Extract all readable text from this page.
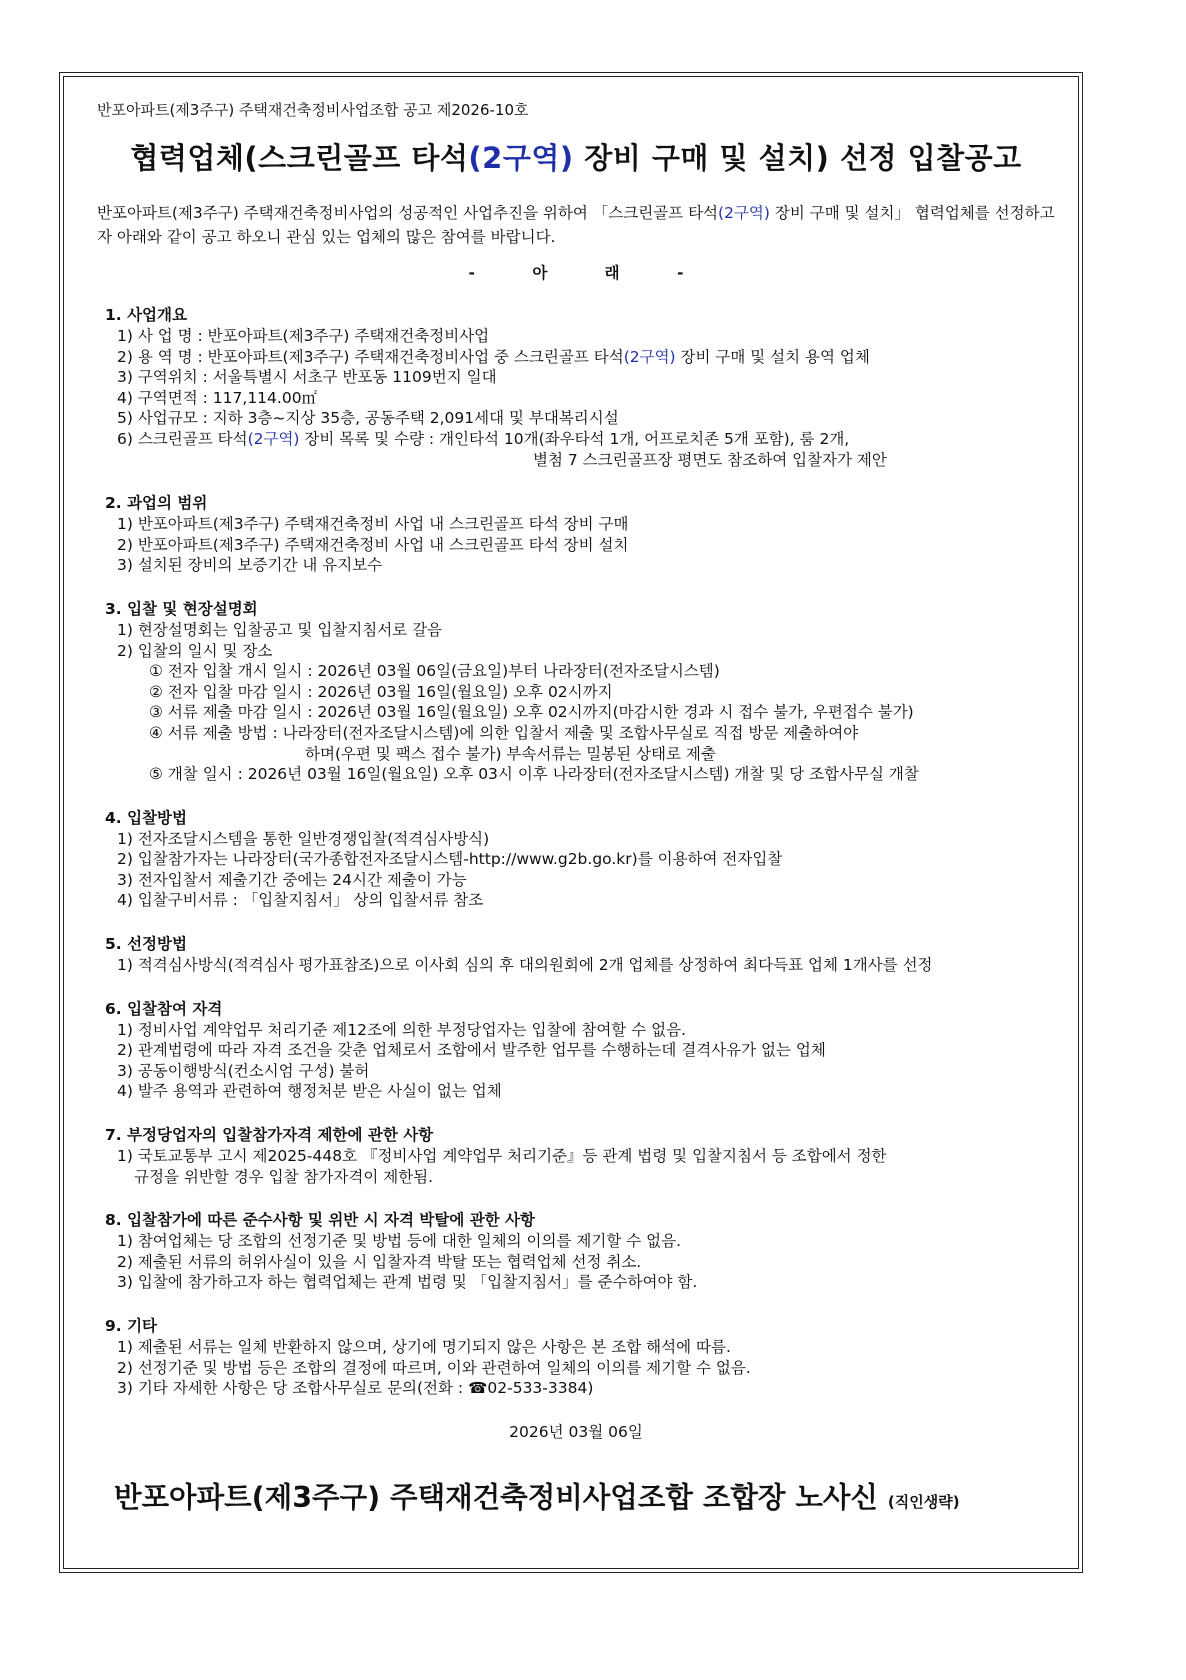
반포아파트(제3주구) 주택재건축정비사업조합 공고 제2026-10호
협력업체(스크린골프 타석(2구역) 장비 구매 및 설치) 선정 입찰공고
반포아파트(제3주구) 주택재건축정비사업의 성공적인 사업추진을 위하여 「스크린골프 타석(2구역) 장비 구매 및 설치」 협력업체를 선정하고자 아래와 같이 공고 하오니 관심 있는 업체의 많은 참여를 바랍니다.
- 아 래 -
1. 사업개요
1) 사 업 명 : 반포아파트(제3주구) 주택재건축정비사업
2) 용 역 명 : 반포아파트(제3주구) 주택재건축정비사업 중 스크린골프 타석(2구역) 장비 구매 및 설치 용역 업체
3) 구역위치 : 서울특별시 서초구 반포동 1109번지 일대
4) 구역면적 : 117,114.00㎡
5) 사업규모 : 지하 3층~지상 35층, 공동주택 2,091세대 및 부대복리시설
6) 스크린골프 타석(2구역) 장비 목록 및 수량 : 개인타석 10개(좌우타석 1개, 어프로치존 5개 포함), 룸 2개,
별첨 7 스크린골프장 평면도 참조하여 입찰자가 제안
2. 과업의 범위
1) 반포아파트(제3주구) 주택재건축정비 사업 내 스크린골프 타석 장비 구매
2) 반포아파트(제3주구) 주택재건축정비 사업 내 스크린골프 타석 장비 설치
3) 설치된 장비의 보증기간 내 유지보수
3. 입찰 및 현장설명회
1) 현장설명회는 입찰공고 및 입찰지침서로 갈음
2) 입찰의 일시 및 장소
① 전자 입찰 개시 일시 : 2026년 03월 06일(금요일)부터 나라장터(전자조달시스템)
② 전자 입찰 마감 일시 : 2026년 03월 16일(월요일) 오후 02시까지
③ 서류 제출 마감 일시 : 2026년 03월 16일(월요일) 오후 02시까지(마감시한 경과 시 접수 불가, 우편접수 불가)
④ 서류 제출 방법 : 나라장터(전자조달시스템)에 의한 입찰서 제출 및 조합사무실로 직접 방문 제출하여야
하며(우편 및 팩스 접수 불가) 부속서류는 밀봉된 상태로 제출
⑤ 개찰 일시 : 2026년 03월 16일(월요일) 오후 03시 이후 나라장터(전자조달시스템) 개찰 및 당 조합사무실 개찰
4. 입찰방법
1) 전자조달시스템을 통한 일반경쟁입찰(적격심사방식)
2) 입찰참가자는 나라장터(국가종합전자조달시스템-http://www.g2b.go.kr)를 이용하여 전자입찰
3) 전자입찰서 제출기간 중에는 24시간 제출이 가능
4) 입찰구비서류 : 「입찰지침서」 상의 입찰서류 참조
5. 선정방법
1) 적격심사방식(적격심사 평가표참조)으로 이사회 심의 후 대의원회에 2개 업체를 상정하여 최다득표 업체 1개사를 선정
6. 입찰참여 자격
1) 정비사업 계약업무 처리기준 제12조에 의한 부정당업자는 입찰에 참여할 수 없음.
2) 관계법령에 따라 자격 조건을 갖춘 업체로서 조합에서 발주한 업무를 수행하는데 결격사유가 없는 업체
3) 공동이행방식(컨소시엄 구성) 불허
4) 발주 용역과 관련하여 행정처분 받은 사실이 없는 업체
7. 부정당업자의 입찰참가자격 제한에 관한 사항
1) 국토교통부 고시 제2025-448호 『정비사업 계약업무 처리기준』등 관계 법령 및 입찰지침서 등 조합에서 정한
규정을 위반할 경우 입찰 참가자격이 제한됨.
8. 입찰참가에 따른 준수사항 및 위반 시 자격 박탈에 관한 사항
1) 참여업체는 당 조합의 선정기준 및 방법 등에 대한 일체의 이의를 제기할 수 없음.
2) 제출된 서류의 허위사실이 있을 시 입찰자격 박탈 또는 협력업체 선정 취소.
3) 입찰에 참가하고자 하는 협력업체는 관계 법령 및 「입찰지침서」를 준수하여야 함.
9. 기타
1) 제출된 서류는 일체 반환하지 않으며, 상기에 명기되지 않은 사항은 본 조합 해석에 따름.
2) 선정기준 및 방법 등은 조합의 결정에 따르며, 이와 관련하여 일체의 이의를 제기할 수 없음.
3) 기타 자세한 사항은 당 조합사무실로 문의(전화 : ☎02-533-3384)
2026년 03월 06일
반포아파트(제3주구) 주택재건축정비사업조합 조합장 노사신 (직인생략)
